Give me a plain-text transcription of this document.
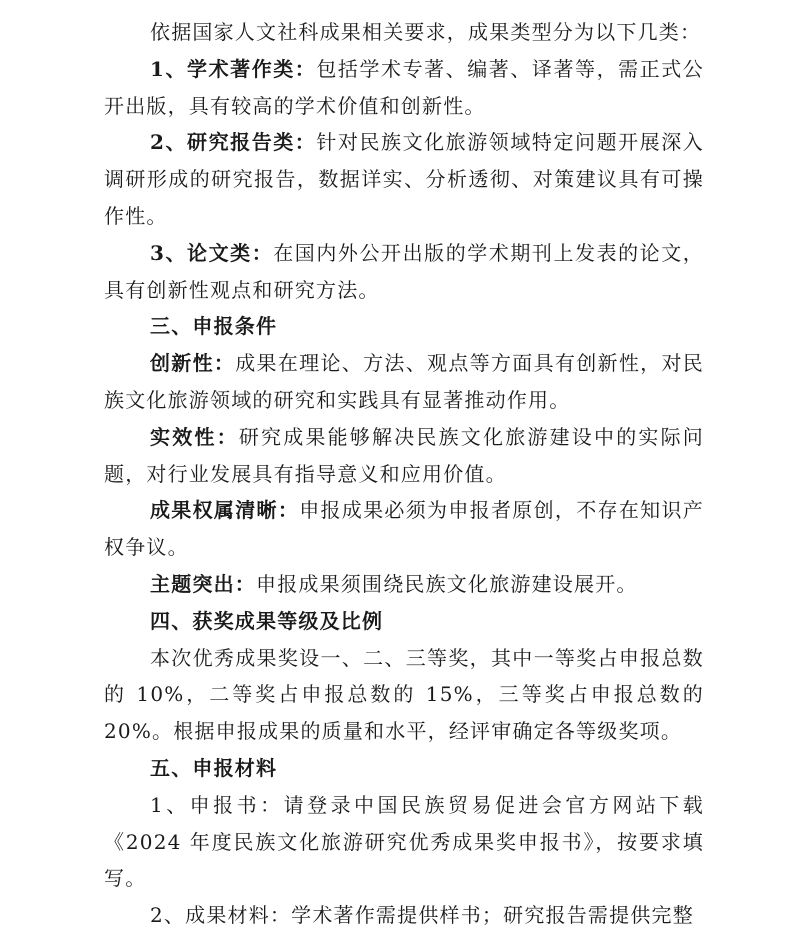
依据国家人文社科成果相关要求，成果类型分为以下几类：

1、学术著作类：包括学术专著、编著、译著等，需正式公开出版，具有较高的学术价值和创新性。

2、研究报告类：针对民族文化旅游领域特定问题开展深入调研形成的研究报告，数据详实、分析透彻、对策建议具有可操作性。

3、论文类：在国内外公开出版的学术期刊上发表的论文，具有创新性观点和研究方法。

三、申报条件

创新性：成果在理论、方法、观点等方面具有创新性，对民族文化旅游领域的研究和实践具有显著推动作用。

实效性：研究成果能够解决民族文化旅游建设中的实际问题，对行业发展具有指导意义和应用价值。

成果权属清晰：申报成果必须为申报者原创，不存在知识产权争议。

主题突出：申报成果须围绕民族文化旅游建设展开。

四、获奖成果等级及比例

本次优秀成果奖设一、二、三等奖，其中一等奖占申报总数的 10%，二等奖占申报总数的 15%，三等奖占申报总数的 20%。根据申报成果的质量和水平，经评审确定各等级奖项。

五、申报材料

1、申报书：请登录中国民族贸易促进会官方网站下载《2024 年度民族文化旅游研究优秀成果奖申报书》，按要求填写。

2、成果材料：学术著作需提供样书；研究报告需提供完整
